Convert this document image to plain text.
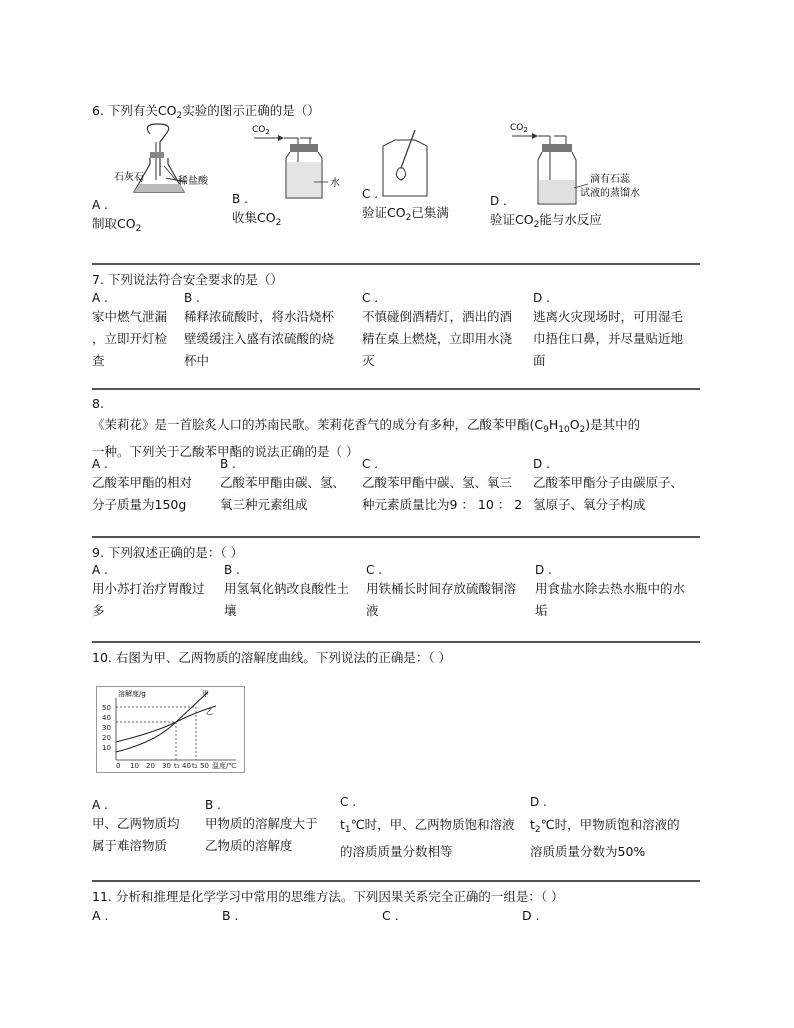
6. 下列有关$CO_2$实验的图示正确的是（）
石灰石	稀盐酸
$CO_2$
水
$CO_2$
滴有石蕊
试液的蒸馏水
A .
制取$CO_2$
B .
收集$CO_2$
C .
验证$CO_2$已集满
D .
验证$CO_2$能与水反应
7. 下列说法符合安全要求的是（）
A .
家中燃气泄漏
，立即开灯检
查
B .
稀释浓硫酸时，将水沿烧杯
壁缓缓注入盛有浓硫酸的烧
杯中
C .
不慎碰倒酒精灯，洒出的酒
精在桌上燃烧，立即用水浇
灭
D .
逃离火灾现场时，可用湿毛
巾捂住口鼻，并尽量贴近地
面
8.
《茉莉花》是一首脍炙人口的苏南民歌。茉莉花香气的成分有多种，乙酸苯甲酯$(C_9H_{10}O_2)$是其中的
一种。下列关于乙酸苯甲酯的说法正确的是（ ）
A .
乙酸苯甲酯的相对
分子质量为150g
B .
乙酸苯甲酯由碳、氢、
氧三种元素组成
C .
乙酸苯甲酯中碳、氢、氧三
种元素质量比为9 ： 10 ： 2
D .
乙酸苯甲酯分子由碳原子、
氢原子、氧分子构成
9. 下列叙述正确的是：（ ）
A .
用小苏打治疗胃酸过
多
B .
用氢氧化钠改良酸性土
壤
C .
用铁桶长时间存放硫酸铜溶
液
D .
用食盐水除去热水瓶中的水
垢
10. 右图为甲、乙两物质的溶解度曲线。下列说法的正确是：（ ）
溶解度/g
50
40
30
20
10
0 10 20 30 t₁ 40 t₂ 50 温度/℃
甲
乙
A .
甲、乙两物质均
属于难溶物质
B .
甲物质的溶解度大于
乙物质的溶解度
C .
$t_1℃$时，甲、乙两物质饱和溶液
的溶质质量分数相等
D .
$t_2℃$时，甲物质饱和溶液的
溶质质量分数为50%
11. 分析和推理是化学学习中常用的思维方法。下列因果关系完全正确的一组是：（ ）
A .	B .	C .	D .
